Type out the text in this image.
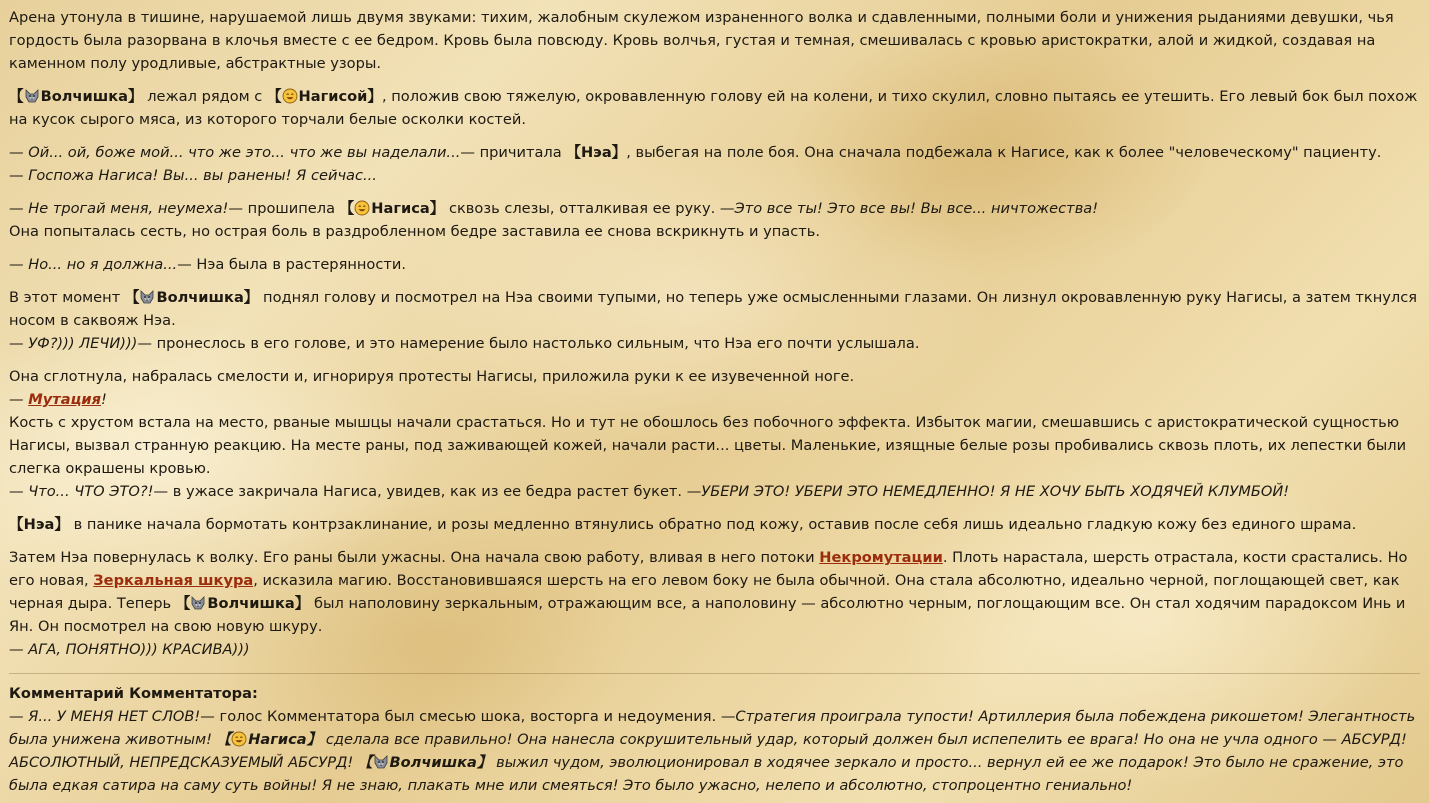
Арена утонула в тишине, нарушаемой лишь двумя звуками: тихим, жалобным скулежом израненного волка и сдавленными, полными боли и унижения рыданиями девушки, чья гордость была разорвана в клочья вместе с ее бедром. Кровь была повсюду. Кровь волчья, густая и темная, смешивалась с кровью аристократки, алой и жидкой, создавая на каменном полу уродливые, абстрактные узоры.

【 Волчишка】 лежал рядом с 【 Нагисой】, положив свою тяжелую, окровавленную голову ей на колени, и тихо скулил, словно пытаясь ее утешить. Его левый бок был похож на кусок сырого мяса, из которого торчали белые осколки костей.

— Ой... ой, боже мой... что же это... что же вы наделали...— причитала 【Нэа】, выбегая на поле боя. Она сначала подбежала к Нагисе, как к более "человеческому" пациенту.
— Госпожа Нагиса! Вы... вы ранены! Я сейчас...

— Не трогай меня, неумеха!— прошипела 【 Нагиса】 сквозь слезы, отталкивая ее руку. —Это все ты! Это все вы! Вы все... ничтожества!
Она попыталась сесть, но острая боль в раздробленном бедре заставила ее снова вскрикнуть и упасть.

— Но... но я должна...— Нэа была в растерянности.

В этот момент 【 Волчишка】 поднял голову и посмотрел на Нэа своими тупыми, но теперь уже осмысленными глазами. Он лизнул окровавленную руку Нагисы, а затем ткнулся носом в саквояж Нэа.
— УФ?))) ЛЕЧИ)))— пронеслось в его голове, и это намерение было настолько сильным, что Нэа его почти услышала.

Она сглотнула, набралась смелости и, игнорируя протесты Нагисы, приложила руки к ее изувеченной ноге.
— Мутация!
Кость с хрустом встала на место, рваные мышцы начали срастаться. Но и тут не обошлось без побочного эффекта. Избыток магии, смешавшись с аристократической сущностью Нагисы, вызвал странную реакцию. На месте раны, под заживающей кожей, начали расти... цветы. Маленькие, изящные белые розы пробивались сквозь плоть, их лепестки были слегка окрашены кровью.
— Что... ЧТО ЭТО?!— в ужасе закричала Нагиса, увидев, как из ее бедра растет букет. —УБЕРИ ЭТО! УБЕРИ ЭТО НЕМЕДЛЕННО! Я НЕ ХОЧУ БЫТЬ ХОДЯЧЕЙ КЛУМБОЙ!

【Нэа】 в панике начала бормотать контрзаклинание, и розы медленно втянулись обратно под кожу, оставив после себя лишь идеально гладкую кожу без единого шрама.

Затем Нэа повернулась к волку. Его раны были ужасны. Она начала свою работу, вливая в него потоки Некромутации. Плоть нарастала, шерсть отрастала, кости срастались. Но его новая, Зеркальная шкура, исказила магию. Восстановившаяся шерсть на его левом боку не была обычной. Она стала абсолютно, идеально черной, поглощающей свет, как черная дыра. Теперь 【 Волчишка】 был наполовину зеркальным, отражающим все, а наполовину — абсолютно черным, поглощающим все. Он стал ходячим парадоксом Инь и Ян. Он посмотрел на свою новую шкуру.
— АГА, ПОНЯТНО))) КРАСИВА)))

Комментарий Комментатора:
— Я... У МЕНЯ НЕТ СЛОВ!— голос Комментатора был смесью шока, восторга и недоумения. —Стратегия проиграла тупости! Артиллерия была побеждена рикошетом! Элегантность была унижена животным! 【 Нагиса】 сделала все правильно! Она нанесла сокрушительный удар, который должен был испепелить ее врага! Но она не учла одного — АБСУРД! АБСОЛЮТНЫЙ, НЕПРЕДСКАЗУЕМЫЙ АБСУРД! 【 Волчишка】 выжил чудом, эволюционировал в ходячее зеркало и просто... вернул ей ее же подарок! Это было не сражение, это была едкая сатира на саму суть войны! Я не знаю, плакать мне или смеяться! Это было ужасно, нелепо и абсолютно, стопроцентно гениально!
